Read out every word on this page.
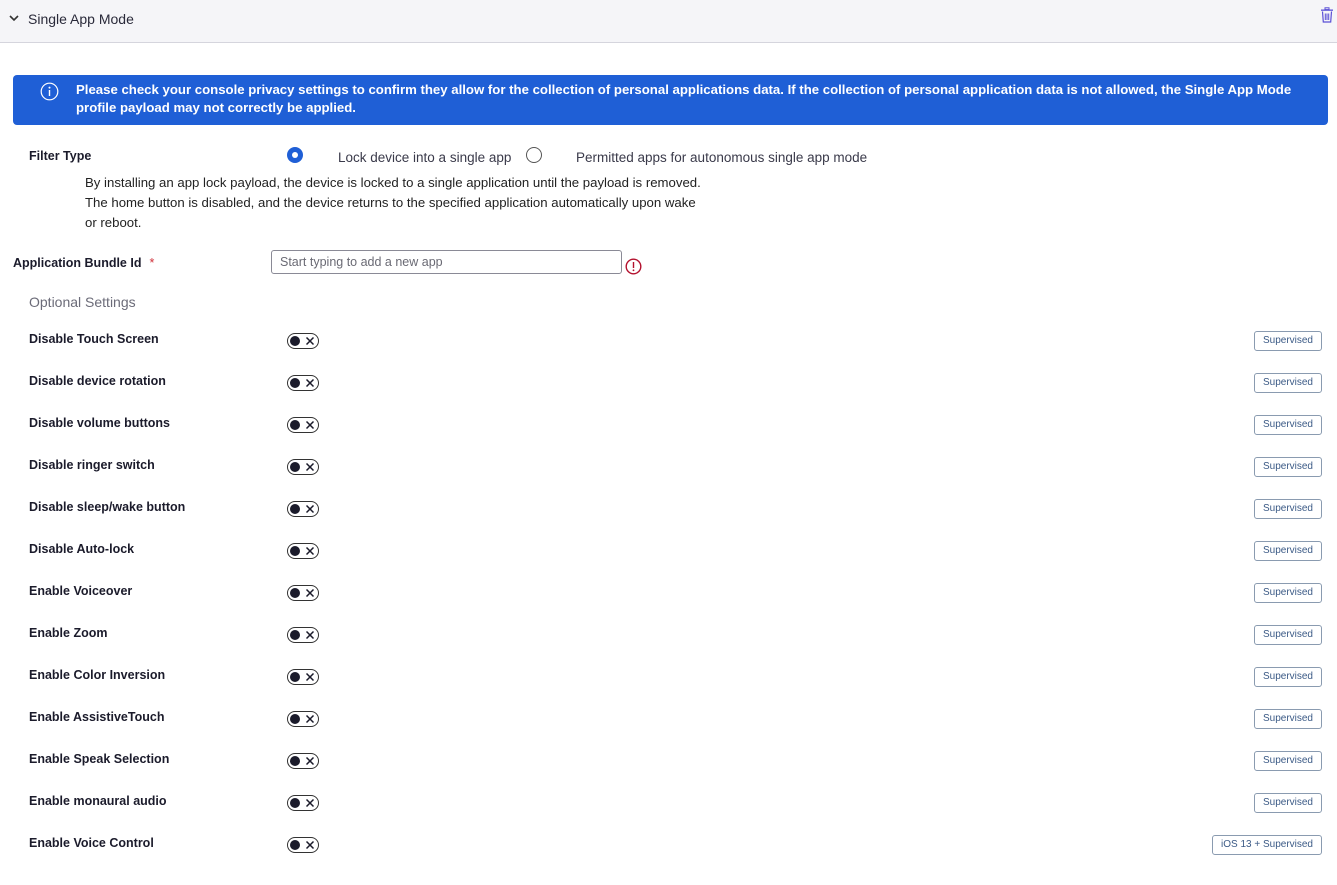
Single App Mode
Please check your console privacy settings to confirm they allow for the collection of personal applications data. If the collection of personal application data is not allowed, the Single App Mode profile payload may not correctly be applied.
Filter Type	Lock device into a single app	Permitted apps for autonomous single app mode
By installing an app lock payload, the device is locked to a single application until the payload is removed.
The home button is disabled, and the device returns to the specified application automatically upon wake
or reboot.
Application Bundle Id *
Start typing to add a new app
Optional Settings
Disable Touch Screen	Supervised
Disable device rotation	Supervised
Disable volume buttons	Supervised
Disable ringer switch	Supervised
Disable sleep/wake button	Supervised
Disable Auto-lock	Supervised
Enable Voiceover	Supervised
Enable Zoom	Supervised
Enable Color Inversion	Supervised
Enable AssistiveTouch	Supervised
Enable Speak Selection	Supervised
Enable monaural audio	Supervised
Enable Voice Control	iOS 13 + Supervised
